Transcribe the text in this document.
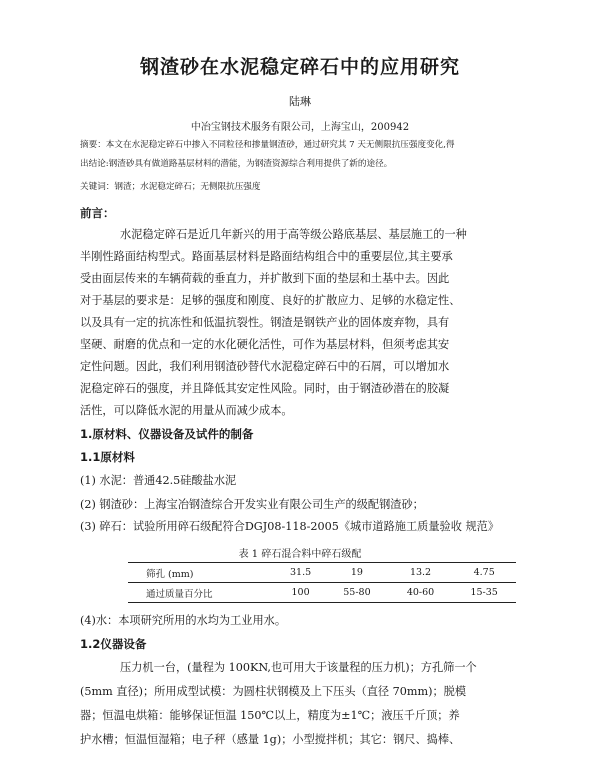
钢渣砂在水泥稳定碎石中的应用研究
陆琳
中冶宝钢技术服务有限公司，上海宝山，200942
摘要：本文在水泥稳定碎石中掺入不同粒径和掺量钢渣砂，通过研究其 7 天无侧限抗压强度变化,得
出结论:钢渣砂具有做道路基层材料的潜能，为钢渣资源综合利用提供了新的途径。
关键词：钢渣；水泥稳定碎石；无侧限抗压强度
前言：
水泥稳定碎石是近几年新兴的用于高等级公路底基层、基层施工的一种
半刚性路面结构型式。路面基层材料是路面结构组合中的重要层位,其主要承
受由面层传来的车辆荷载的垂直力，并扩散到下面的垫层和土基中去。因此
对于基层的要求是：足够的强度和刚度、良好的扩散应力、足够的水稳定性、
以及具有一定的抗冻性和低温抗裂性。钢渣是钢铁产业的固体废弃物，具有
坚硬、耐磨的优点和一定的水化硬化活性，可作为基层材料，但须考虑其安
定性问题。因此，我们利用钢渣砂替代水泥稳定碎石中的石屑，可以增加水
泥稳定碎石的强度，并且降低其安定性风险。同时，由于钢渣砂潜在的胶凝
活性，可以降低水泥的用量从而减少成本。
1.原材料、仪器设备及试件的制备
1.1原材料
(1) 水泥：普通42.5硅酸盐水泥
(2) 钢渣砂：上海宝冶钢渣综合开发实业有限公司生产的级配钢渣砂；
(3) 碎石：试验所用碎石级配符合DGJ08-118-2005《城市道路施工质量验收 规范》
表 1 碎石混合料中碎石级配
筛孔 (mm)	31.5	19	13.2	4.75
通过质量百分比	100	55-80	40-60	15-35
(4)水：本项研究所用的水均为工业用水。
1.2仪器设备
压力机一台，(量程为 100KN,也可用大于该量程的压力机)；方孔筛一个
(5mm 直径)；所用成型试模：为圆柱状钢模及上下压头（直径 70mm)；脱模
器；恒温电烘箱：能够保证恒温 150℃以上，精度为±1℃；液压千斤顶；养
护水槽；恒温恒湿箱；电子秤（感量 1g)；小型搅拌机；其它：钢尺、捣棒、
